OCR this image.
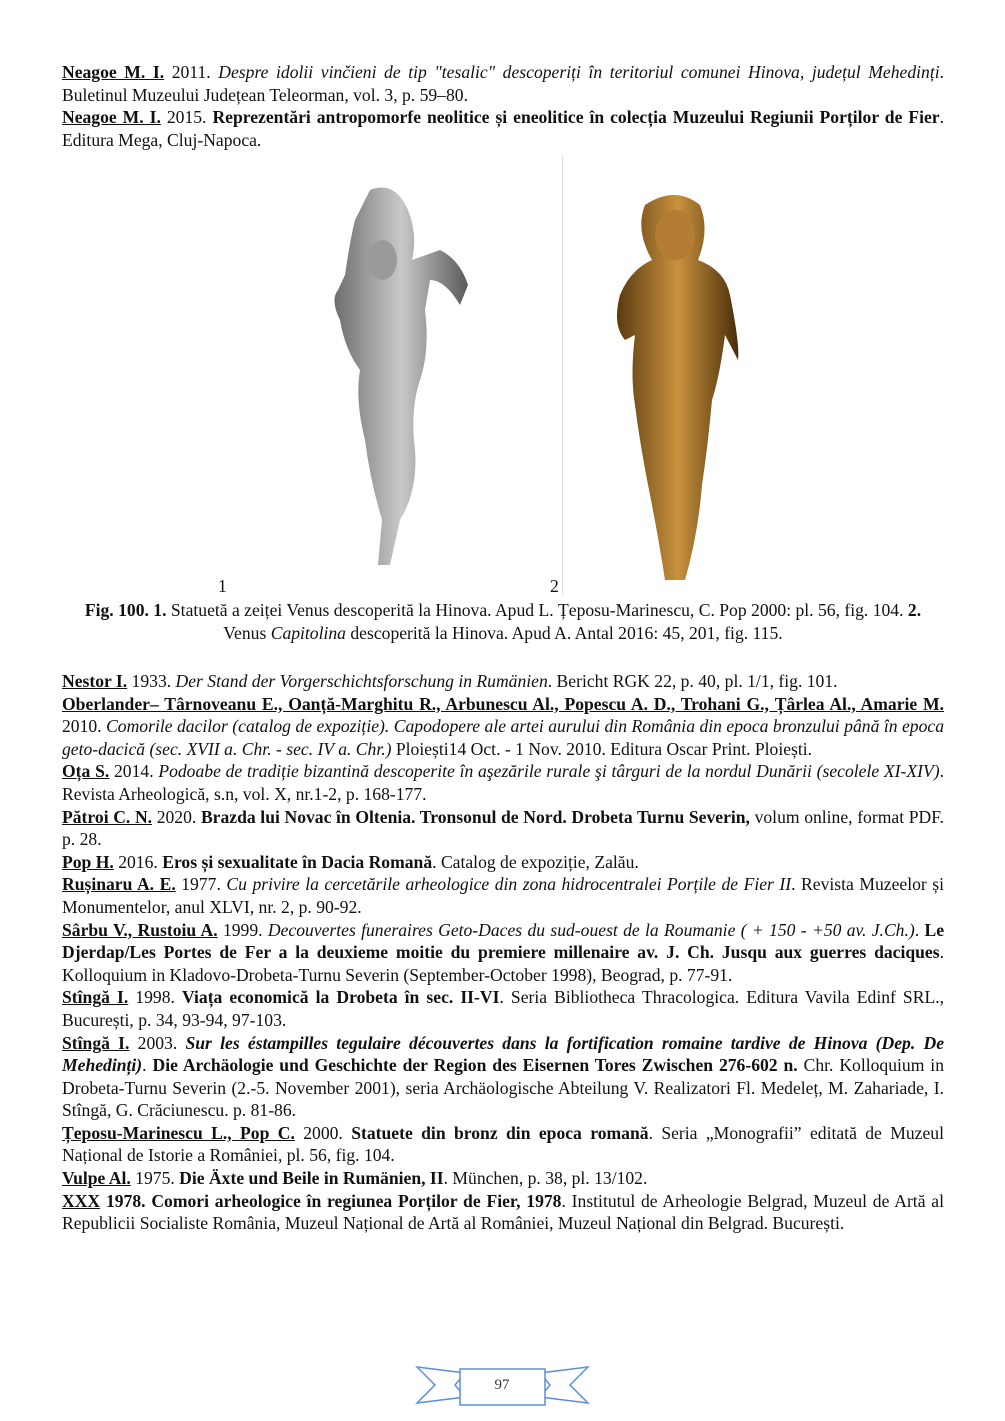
Neagoe M. I. 2011. Despre idolii vinčieni de tip "tesalic" descoperiți în teritoriul comunei Hinova, județul Mehedinți. Buletinul Muzeului Județean Teleorman, vol. 3, p. 59–80.

Neagoe M. I. 2015. Reprezentări antropomorfe neolitice și eneolitice în colecția Muzeului Regiunii Porților de Fier. Editura Mega, Cluj-Napoca.

1	2
Fig. 100. 1. Statuetă a zeiței Venus descoperită la Hinova. Apud L. Țeposu-Marinescu, C. Pop 2000: pl. 56, fig. 104. 2. Venus Capitolina descoperită la Hinova. Apud A. Antal 2016: 45, 201, fig. 115.

Nestor I. 1933. Der Stand der Vorgerschichtsforschung in Rumänien. Bericht RGK 22, p. 40, pl. 1/1, fig. 101.

Oberlander– Târnoveanu E., Oanță-Marghitu R., Arbunescu Al., Popescu A. D., Trohani G., Țârlea Al., Amarie M. 2010. Comorile dacilor (catalog de expoziție). Capodopere ale artei aurului din România din epoca bronzului până în epoca geto-dacică (sec. XVII a. Chr. - sec. IV a. Chr.) Ploiești14 Oct. - 1 Nov. 2010. Editura Oscar Print. Ploiești.

Oța S. 2014. Podoabe de tradiție bizantină descoperite în aşezările rurale şi târguri de la nordul Dunării (secolele XI-XIV). Revista Arheologică, s.n, vol. X, nr.1-2, p. 168-177.

Pătroi C. N. 2020. Brazda lui Novac în Oltenia. Tronsonul de Nord. Drobeta Turnu Severin, volum online, format PDF. p. 28.

Pop H. 2016. Eros și sexualitate în Dacia Romană. Catalog de expoziție, Zalău.

Rușinaru A. E. 1977. Cu privire la cercetările arheologice din zona hidrocentralei Porțile de Fier II. Revista Muzeelor și Monumentelor, anul XLVI, nr. 2, p. 90-92.

Sârbu V., Rustoiu A. 1999. Decouvertes funeraires Geto-Daces du sud-ouest de la Roumanie ( + 150 - +50 av. J.Ch.). Le Djerdap/Les Portes de Fer a la deuxieme moitie du premiere millenaire av. J. Ch. Jusqu aux guerres daciques. Kolloquium in Kladovo-Drobeta-Turnu Severin (September-October 1998), Beograd, p. 77-91.

Stîngă I. 1998. Viața economică la Drobeta în sec. II-VI. Seria Bibliotheca Thracologica. Editura Vavila Edinf SRL., București, p. 34, 93-94, 97-103.

Stîngă I. 2003. Sur les éstampilles tegulaire découvertes dans la fortification romaine tardive de Hinova (Dep. De Mehedinți). Die Archäologie und Geschichte der Region des Eisernen Tores Zwischen 276-602 n. Chr. Kolloquium in Drobeta-Turnu Severin (2.-5. November 2001), seria Archäologische Abteilung V. Realizatori Fl. Medeleț, M. Zahariade, I. Stîngă, G. Crăciunescu. p. 81-86.

Țeposu-Marinescu L., Pop C. 2000. Statuete din bronz din epoca romană. Seria „Monografii” editată de Muzeul Național de Istorie a României, pl. 56, fig. 104.

Vulpe Al. 1975. Die Äxte und Beile in Rumänien, II. München, p. 38, pl. 13/102.

XXX 1978. Comori arheologice în regiunea Porților de Fier, 1978. Institutul de Arheologie Belgrad, Muzeul de Artă al Republicii Socialiste România, Muzeul Național de Artă al României, Muzeul Național din Belgrad. București.

97
